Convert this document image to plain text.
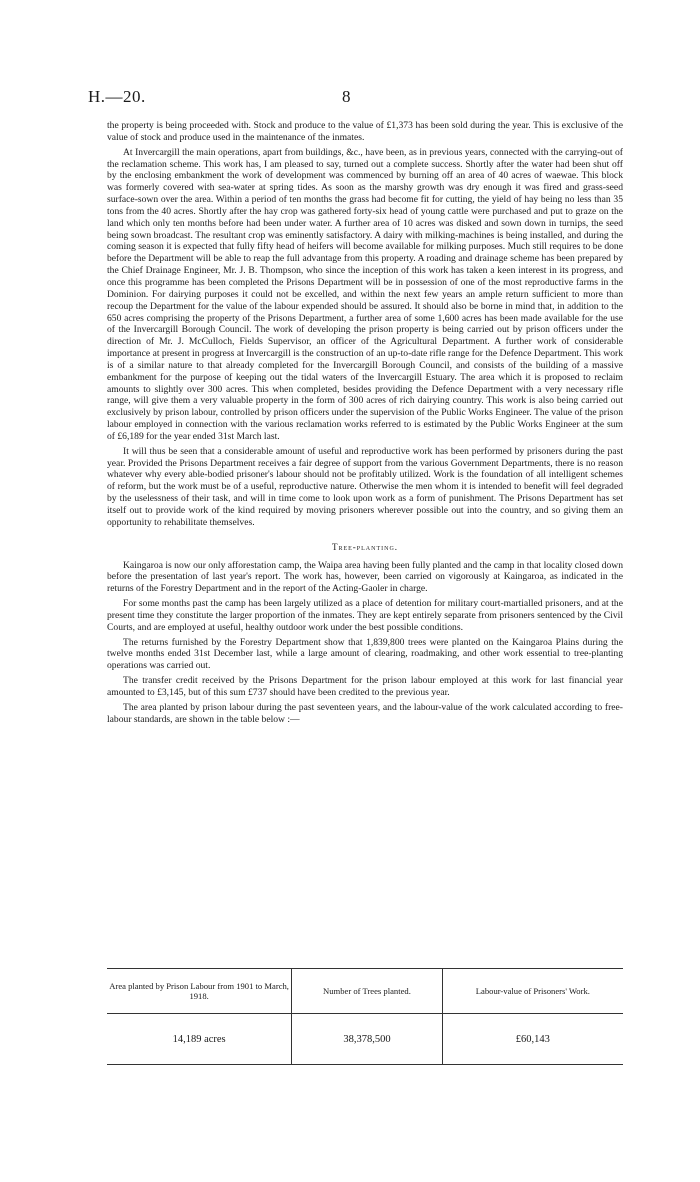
H.—20.	8

the property is being proceeded with. Stock and produce to the value of £1,373 has been sold during the year. This is exclusive of the value of stock and produce used in the maintenance of the inmates.

At Invercargill the main operations, apart from buildings, &c., have been, as in previous years, connected with the carrying-out of the reclamation scheme. This work has, I am pleased to say, turned out a complete success. Shortly after the water had been shut off by the enclosing embankment the work of development was commenced by burning off an area of 40 acres of waewae. This block was formerly covered with sea-water at spring tides. As soon as the marshy growth was dry enough it was fired and grass-seed surface-sown over the area. Within a period of ten months the grass had become fit for cutting, the yield of hay being no less than 35 tons from the 40 acres. Shortly after the hay crop was gathered forty-six head of young cattle were purchased and put to graze on the land which only ten months before had been under water. A further area of 10 acres was disked and sown down in turnips, the seed being sown broadcast. The resultant crop was eminently satisfactory. A dairy with milking-machines is being installed, and during the coming season it is expected that fully fifty head of heifers will become available for milking purposes. Much still requires to be done before the Department will be able to reap the full advantage from this property. A roading and drainage scheme has been prepared by the Chief Drainage Engineer, Mr. J. B. Thompson, who since the inception of this work has taken a keen interest in its progress, and once this programme has been completed the Prisons Department will be in possession of one of the most reproductive farms in the Dominion. For dairying purposes it could not be excelled, and within the next few years an ample return sufficient to more than recoup the Department for the value of the labour expended should be assured. It should also be borne in mind that, in addition to the 650 acres comprising the property of the Prisons Department, a further area of some 1,600 acres has been made available for the use of the Invercargill Borough Council. The work of developing the prison property is being carried out by prison officers under the direction of Mr. J. McCulloch, Fields Supervisor, an officer of the Agricultural Department. A further work of considerable importance at present in progress at Invercargill is the construction of an up-to-date rifle range for the Defence Department. This work is of a similar nature to that already completed for the Invercargill Borough Council, and consists of the building of a massive embankment for the purpose of keeping out the tidal waters of the Invercargill Estuary. The area which it is proposed to reclaim amounts to slightly over 300 acres. This when completed, besides providing the Defence Department with a very necessary rifle range, will give them a very valuable property in the form of 300 acres of rich dairying country. This work is also being carried out exclusively by prison labour, controlled by prison officers under the supervision of the Public Works Engineer. The value of the prison labour employed in connection with the various reclamation works referred to is estimated by the Public Works Engineer at the sum of £6,189 for the year ended 31st March last.

It will thus be seen that a considerable amount of useful and reproductive work has been performed by prisoners during the past year. Provided the Prisons Department receives a fair degree of support from the various Government Departments, there is no reason whatever why every able-bodied prisoner's labour should not be profitably utilized. Work is the foundation of all intelligent schemes of reform, but the work must be of a useful, reproductive nature. Otherwise the men whom it is intended to benefit will feel degraded by the uselessness of their task, and will in time come to look upon work as a form of punishment. The Prisons Department has set itself out to provide work of the kind required by moving prisoners wherever possible out into the country, and so giving them an opportunity to rehabilitate themselves.

Tree-planting.

Kaingaroa is now our only afforestation camp, the Waipa area having been fully planted and the camp in that locality closed down before the presentation of last year's report. The work has, however, been carried on vigorously at Kaingaroa, as indicated in the returns of the Forestry Department and in the report of the Acting-Gaoler in charge.

For some months past the camp has been largely utilized as a place of detention for military court-martialled prisoners, and at the present time they constitute the larger proportion of the inmates. They are kept entirely separate from prisoners sentenced by the Civil Courts, and are employed at useful, healthy outdoor work under the best possible conditions.

The returns furnished by the Forestry Department show that 1,839,800 trees were planted on the Kaingaroa Plains during the twelve months ended 31st December last, while a large amount of clearing, roadmaking, and other work essential to tree-planting operations was carried out.

The transfer credit received by the Prisons Department for the prison labour employed at this work for last financial year amounted to £3,145, but of this sum £737 should have been credited to the previous year.

The area planted by prison labour during the past seventeen years, and the labour-value of the work calculated according to free-labour standards, are shown in the table below :—

Area planted by Prison Labour from 1901 to March, 1918.	Number of Trees planted.	Labour-value of Prisoners' Work.
14,189 acres	38,378,500	£60,143
